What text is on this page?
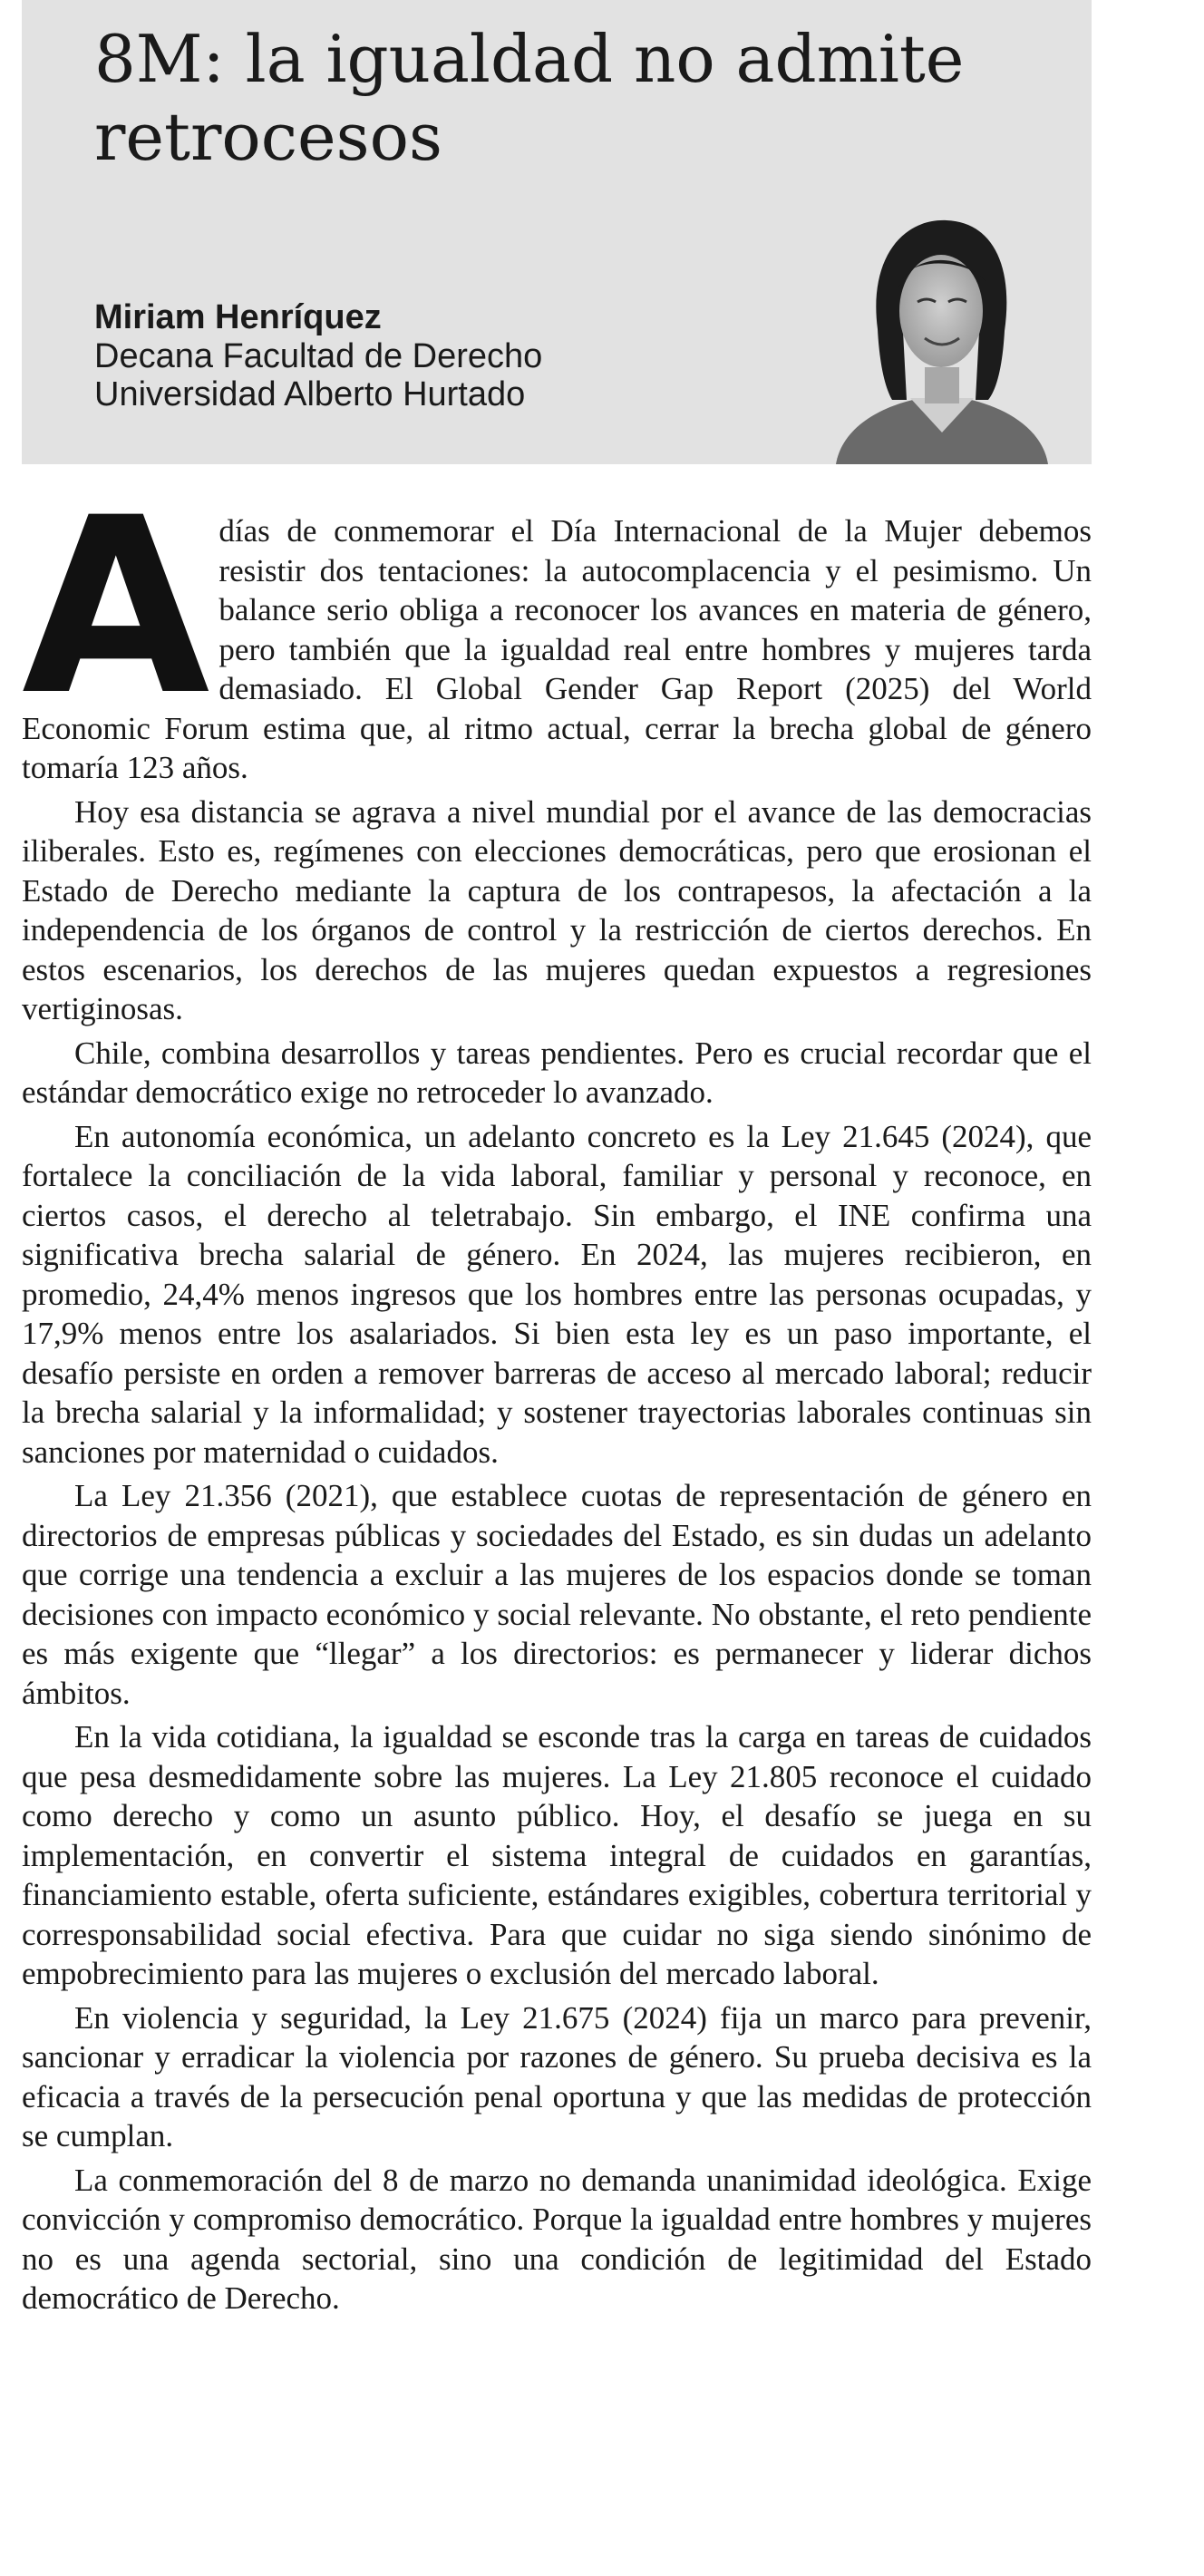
8M: la igualdad no admite retrocesos
Miriam Henríquez
Decana Facultad de Derecho
Universidad Alberto Hurtado

Adías de conmemorar el Día Internacional de la Mujer debemos resistir dos tentaciones: la autocomplacencia y el pesimismo. Un balance serio obliga a reconocer los avances en materia de género, pero también que la igualdad real entre hombres y mujeres tarda demasiado. El Global Gender Gap Report (2025) del World Economic Forum estima que, al ritmo actual, cerrar la brecha global de género tomaría 123 años.

Hoy esa distancia se agrava a nivel mundial por el avance de las democracias iliberales. Esto es, regímenes con elecciones democráticas, pero que erosionan el Estado de Derecho mediante la captura de los contrapesos, la afectación a la independencia de los órganos de control y la restricción de ciertos derechos. En estos escenarios, los derechos de las mujeres quedan expuestos a regresiones vertiginosas.

Chile, combina desarrollos y tareas pendientes. Pero es crucial recordar que el estándar democrático exige no retroceder lo avanzado.

En autonomía económica, un adelanto concreto es la Ley 21.645 (2024), que fortalece la conciliación de la vida laboral, familiar y personal y reconoce, en ciertos casos, el derecho al teletrabajo. Sin embargo, el INE confirma una significativa brecha salarial de género. En 2024, las mujeres recibieron, en promedio, 24,4% menos ingresos que los hombres entre las personas ocupadas, y 17,9% menos entre los asalariados. Si bien esta ley es un paso importante, el desafío persiste en orden a remover barreras de acceso al mercado laboral; reducir la brecha salarial y la informalidad; y sostener trayectorias laborales continuas sin sanciones por maternidad o cuidados.

La Ley 21.356 (2021), que establece cuotas de representación de género en directorios de empresas públicas y sociedades del Estado, es sin dudas un adelanto que corrige una tendencia a excluir a las mujeres de los espacios donde se toman decisiones con impacto económico y social relevante. No obstante, el reto pendiente es más exigente que “llegar” a los directorios: es permanecer y liderar dichos ámbitos.

En la vida cotidiana, la igualdad se esconde tras la carga en tareas de cuidados que pesa desmedidamente sobre las mujeres. La Ley 21.805 reconoce el cuidado como derecho y como un asunto público. Hoy, el desafío se juega en su implementación, en convertir el sistema integral de cuidados en garantías, financiamiento estable, oferta suficiente, estándares exigibles, cobertura territorial y corresponsabilidad social efectiva. Para que cuidar no siga siendo sinónimo de empobrecimiento para las mujeres o exclusión del mercado laboral.

En violencia y seguridad, la Ley 21.675 (2024) fija un marco para prevenir, sancionar y erradicar la violencia por razones de género. Su prueba decisiva es la eficacia a través de la persecución penal oportuna y que las medidas de protección se cumplan.

La conmemoración del 8 de marzo no demanda unanimidad ideológica. Exige convicción y compromiso democrático. Porque la igualdad entre hombres y mujeres no es una agenda sectorial, sino una condición de legitimidad del Estado democrático de Derecho.
